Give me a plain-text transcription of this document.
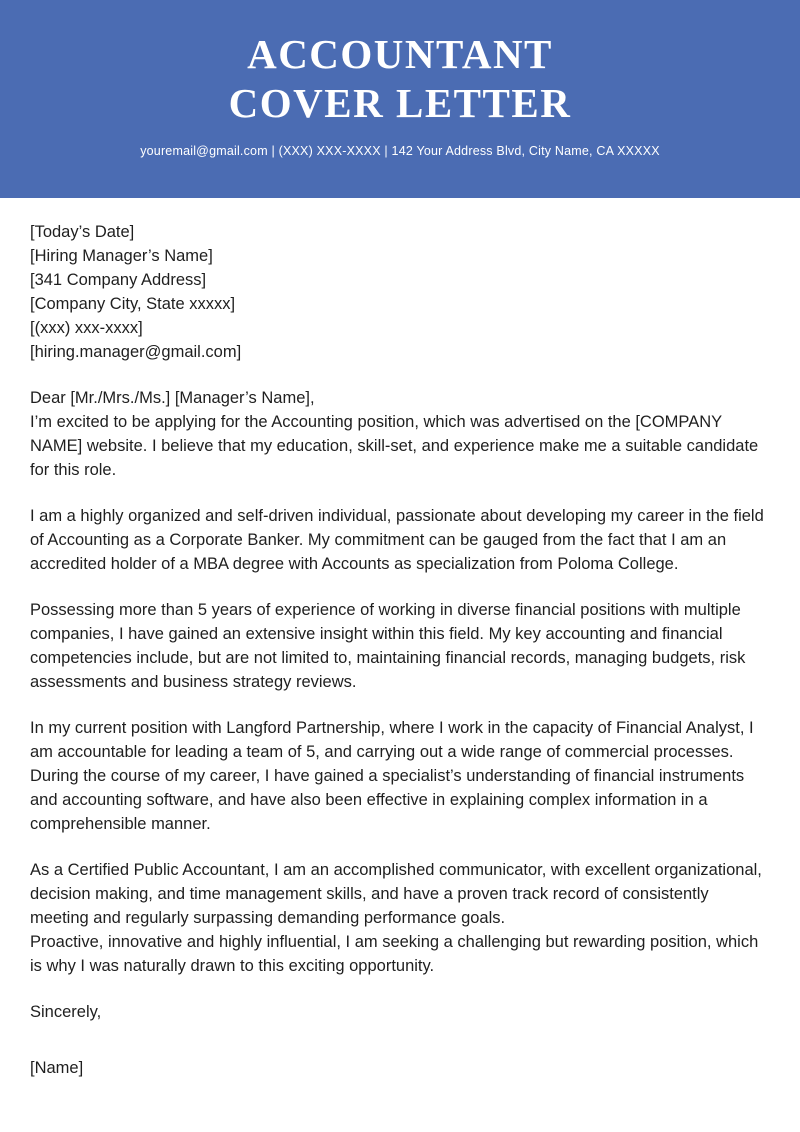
ACCOUNTANT
COVER LETTER
youremail@gmail.com | (XXX) XXX-XXXX | 142 Your Address Blvd, City Name, CA XXXXX

[Today’s Date]

[Hiring Manager’s Name]

[341 Company Address]

[Company City, State xxxxx]

[(xxx) xxx-xxxx]

[hiring.manager@gmail.com]

Dear [Mr./Mrs./Ms.] [Manager’s Name],

I’m excited to be applying for the Accounting position, which was advertised on the [COMPANY NAME] website. I believe that my education, skill-set, and experience make me a suitable candidate for this role.

I am a highly organized and self-driven individual, passionate about developing my career in the field of Accounting as a Corporate Banker. My commitment can be gauged from the fact that I am an accredited holder of a MBA degree with Accounts as specialization from Poloma College.

Possessing more than 5 years of experience of working in diverse financial positions with multiple companies, I have gained an extensive insight within this field. My key accounting and financial competencies include, but are not limited to, maintaining financial records, managing budgets, risk assessments and business strategy reviews.

In my current position with Langford Partnership, where I work in the capacity of Financial Analyst, I am accountable for leading a team of 5, and carrying out a wide range of commercial processes. During the course of my career, I have gained a specialist’s understanding of financial instruments and accounting software, and have also been effective in explaining complex information in a comprehensible manner.

As a Certified Public Accountant, I am an accomplished communicator, with excellent organizational, decision making, and time management skills, and have a proven track record of consistently meeting and regularly surpassing demanding performance goals.

Proactive, innovative and highly influential, I am seeking a challenging but rewarding position, which is why I was naturally drawn to this exciting opportunity.

Sincerely,

[Name]
